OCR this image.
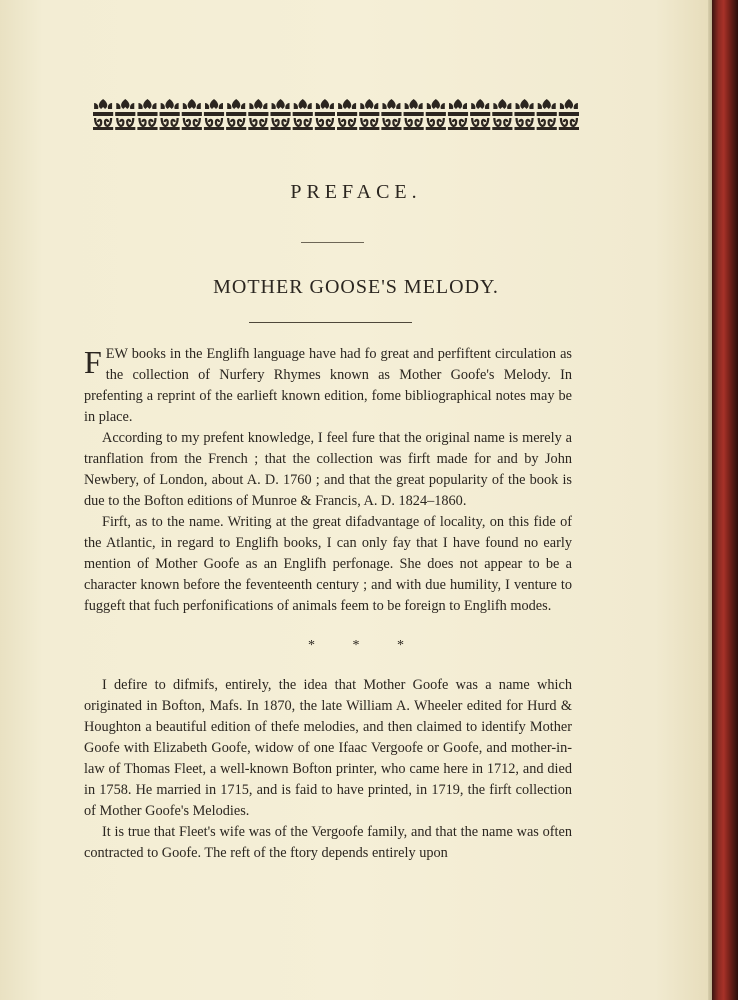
PREFACE.
MOTHER GOOSE'S MELODY.

FEW books in the Englifh language have had fo great and perfiftent circulation as the collection of Nurfery Rhymes known as Mother Goofe's Melody. In prefenting a reprint of the earlieft known edition, fome bibliographical notes may be in place.

According to my prefent knowledge, I feel fure that the original name is merely a tranflation from the French ; that the collection was firft made for and by John Newbery, of London, about A. D. 1760 ; and that the great popularity of the book is due to the Bofton editions of Munroe & Francis, A. D. 1824–1860.

Firft, as to the name. Writing at the great difadvantage of locality, on this fide of the Atlantic, in regard to Englifh books, I can only fay that I have found no early mention of Mother Goofe as an Englifh perfonage. She does not appear to be a character known before the feventeenth century ; and with due humility, I venture to fuggeft that fuch perfonifications of animals feem to be foreign to Englifh modes.

* * *

I defire to difmifs, entirely, the idea that Mother Goofe was a name which originated in Bofton, Mafs. In 1870, the late William A. Wheeler edited for Hurd & Houghton a beautiful edition of thefe melodies, and then claimed to identify Mother Goofe with Elizabeth Goofe, widow of one Ifaac Vergoofe or Goofe, and mother-in-law of Thomas Fleet, a well-known Bofton printer, who came here in 1712, and died in 1758. He married in 1715, and is faid to have printed, in 1719, the firft collection of Mother Goofe's Melodies.

It is true that Fleet's wife was of the Vergoofe family, and that the name was often contracted to Goofe. The reft of the ftory depends entirely upon
